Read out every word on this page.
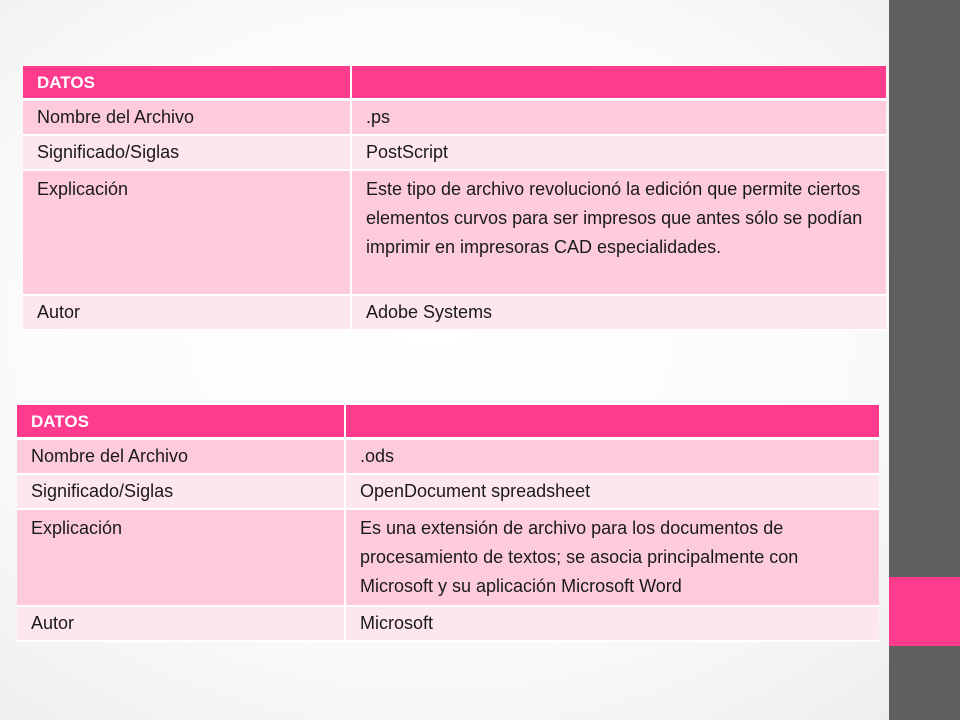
DATOS	
Nombre del Archivo	.ps
Significado/Siglas	PostScript
Explicación	Este tipo de archivo revolucionó la edición que permite ciertos elementos curvos para ser impresos que antes sólo se podían imprimir en impresoras CAD especialidades.
Autor	Adobe Systems
DATOS	
Nombre del Archivo	.ods
Significado/Siglas	OpenDocument spreadsheet
Explicación	Es una extensión de archivo para los documentos de procesamiento de textos; se asocia principalmente con Microsoft y su aplicación Microsoft Word
Autor	Microsoft
